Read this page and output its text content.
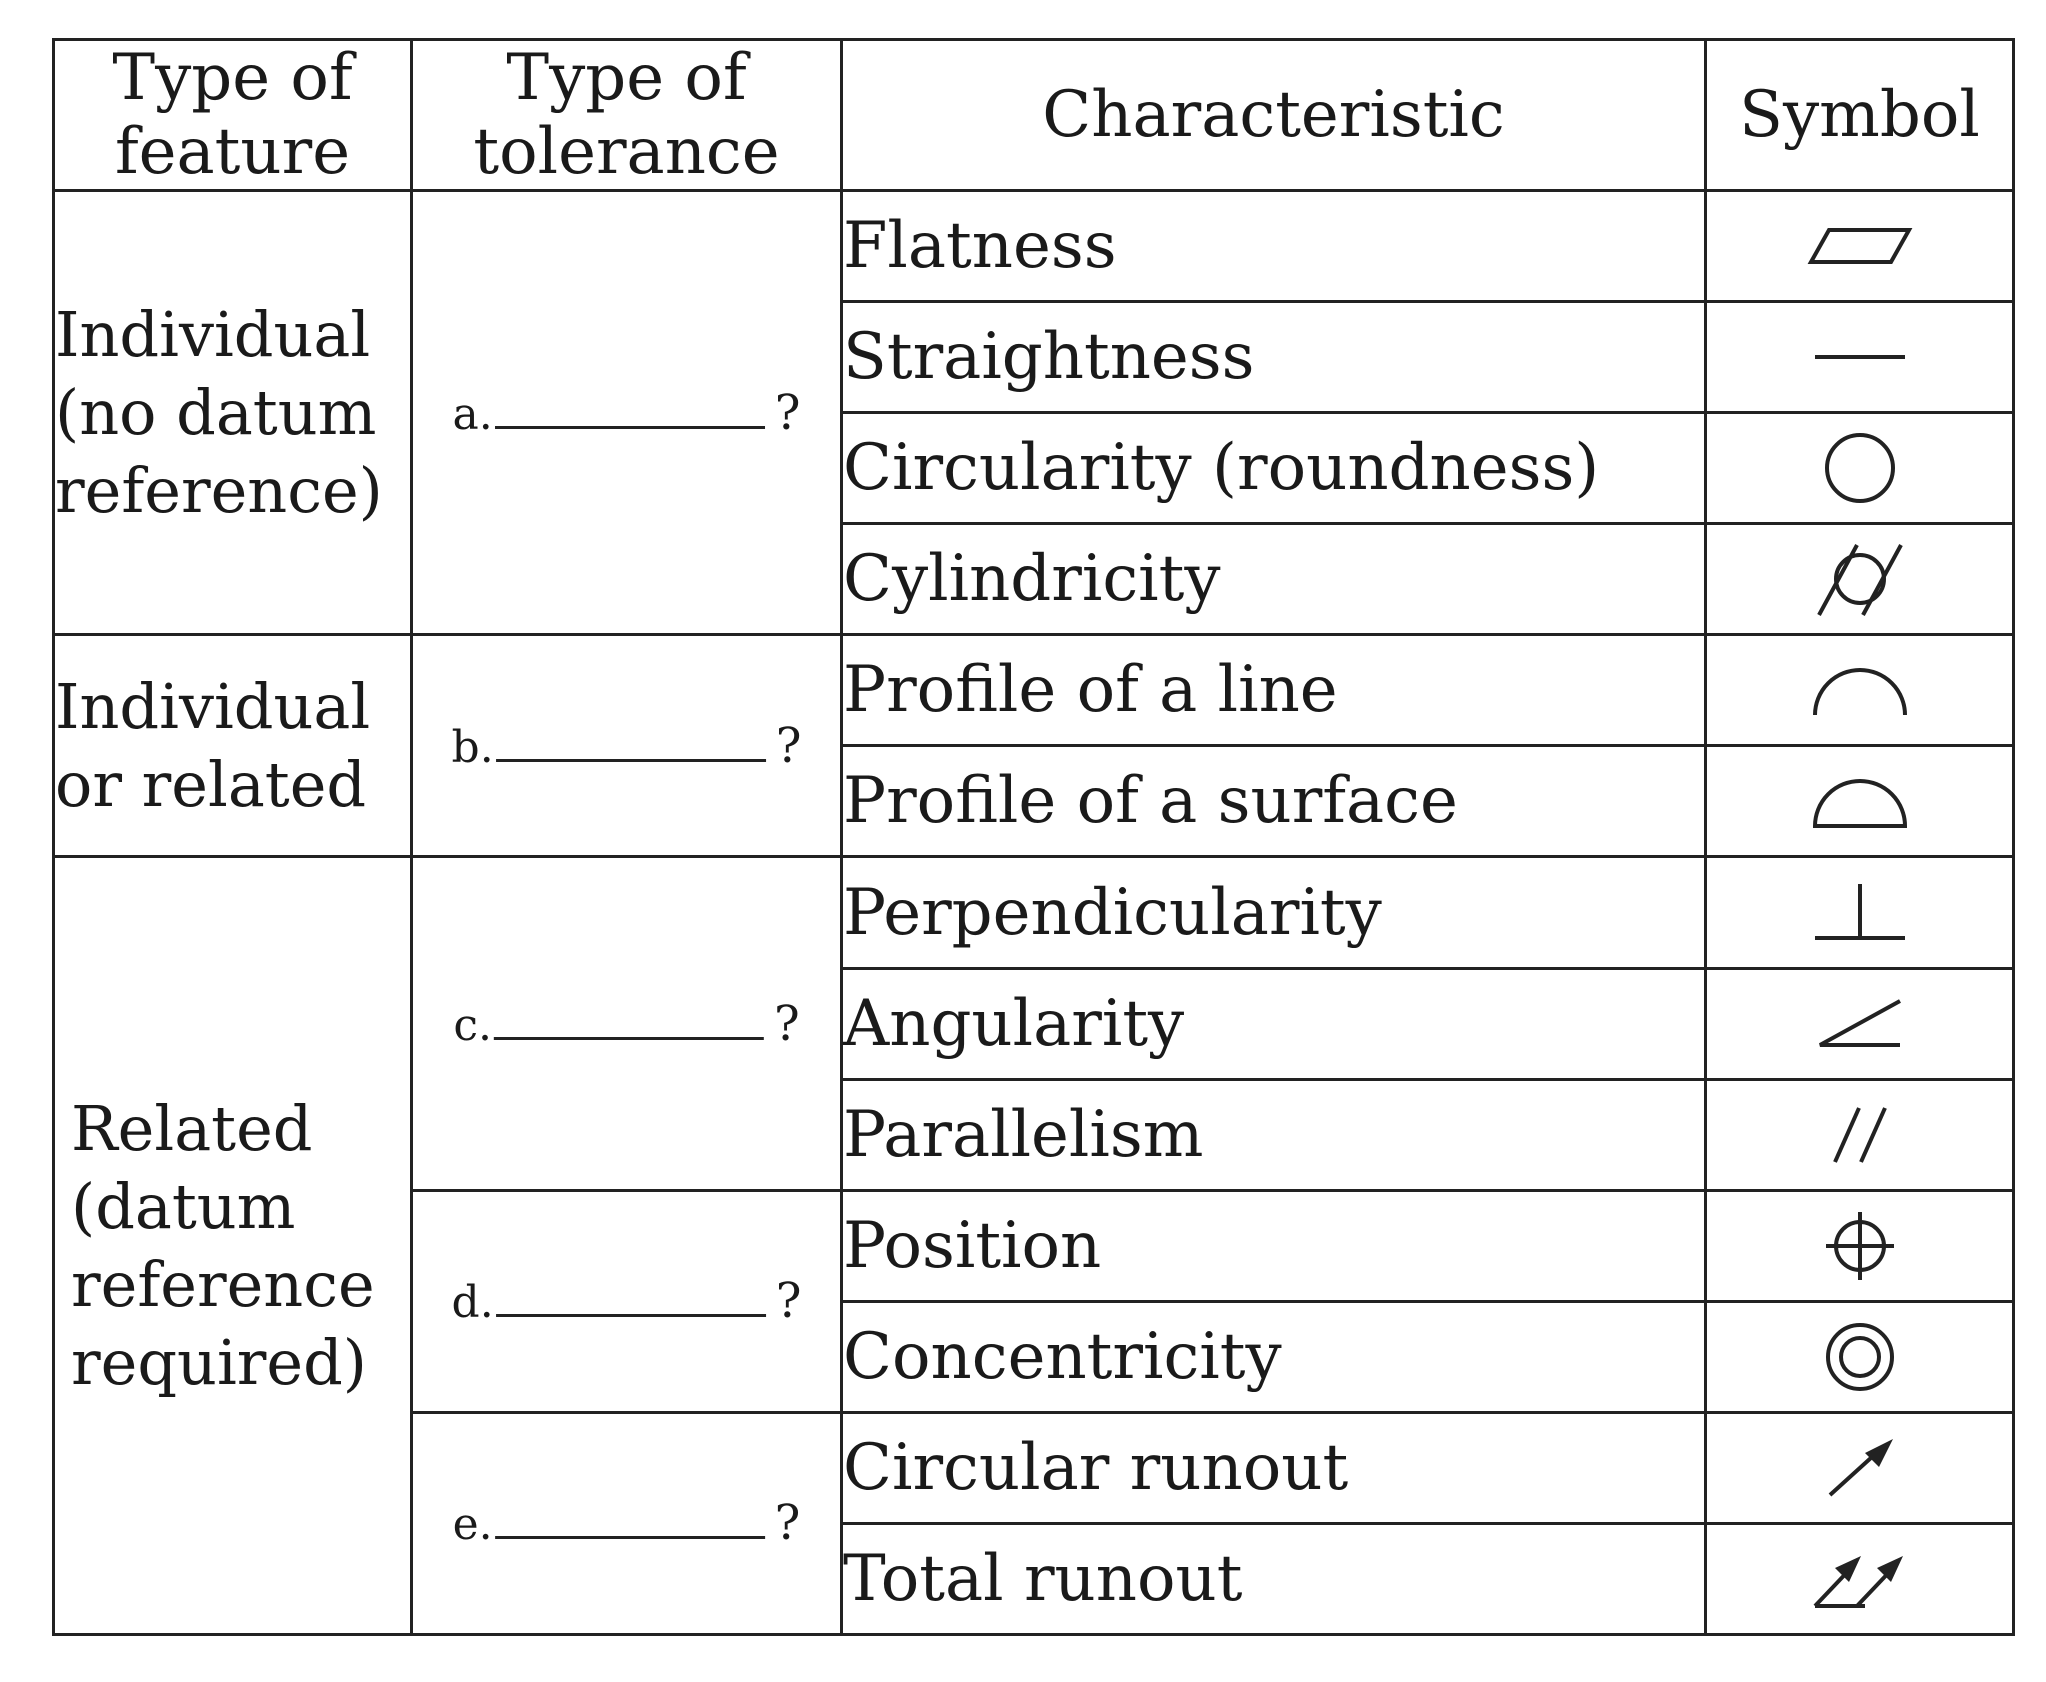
Type of feature	Type of tolerance	Characteristic	Symbol
Individual (no datum reference)	a. ?	Flatness	

		Straightness	

		Circularity (roundness)	

		Cylindricity	

Individual or related	b. ?	Profile of a line	

		Profile of a surface	

Related (datum reference required)	c. ?	Perpendicularity	

		Angularity	

		Parallelism	

	d. ?	Position	

		Concentricity	

	e. ?	Circular runout	

		Total runout	
